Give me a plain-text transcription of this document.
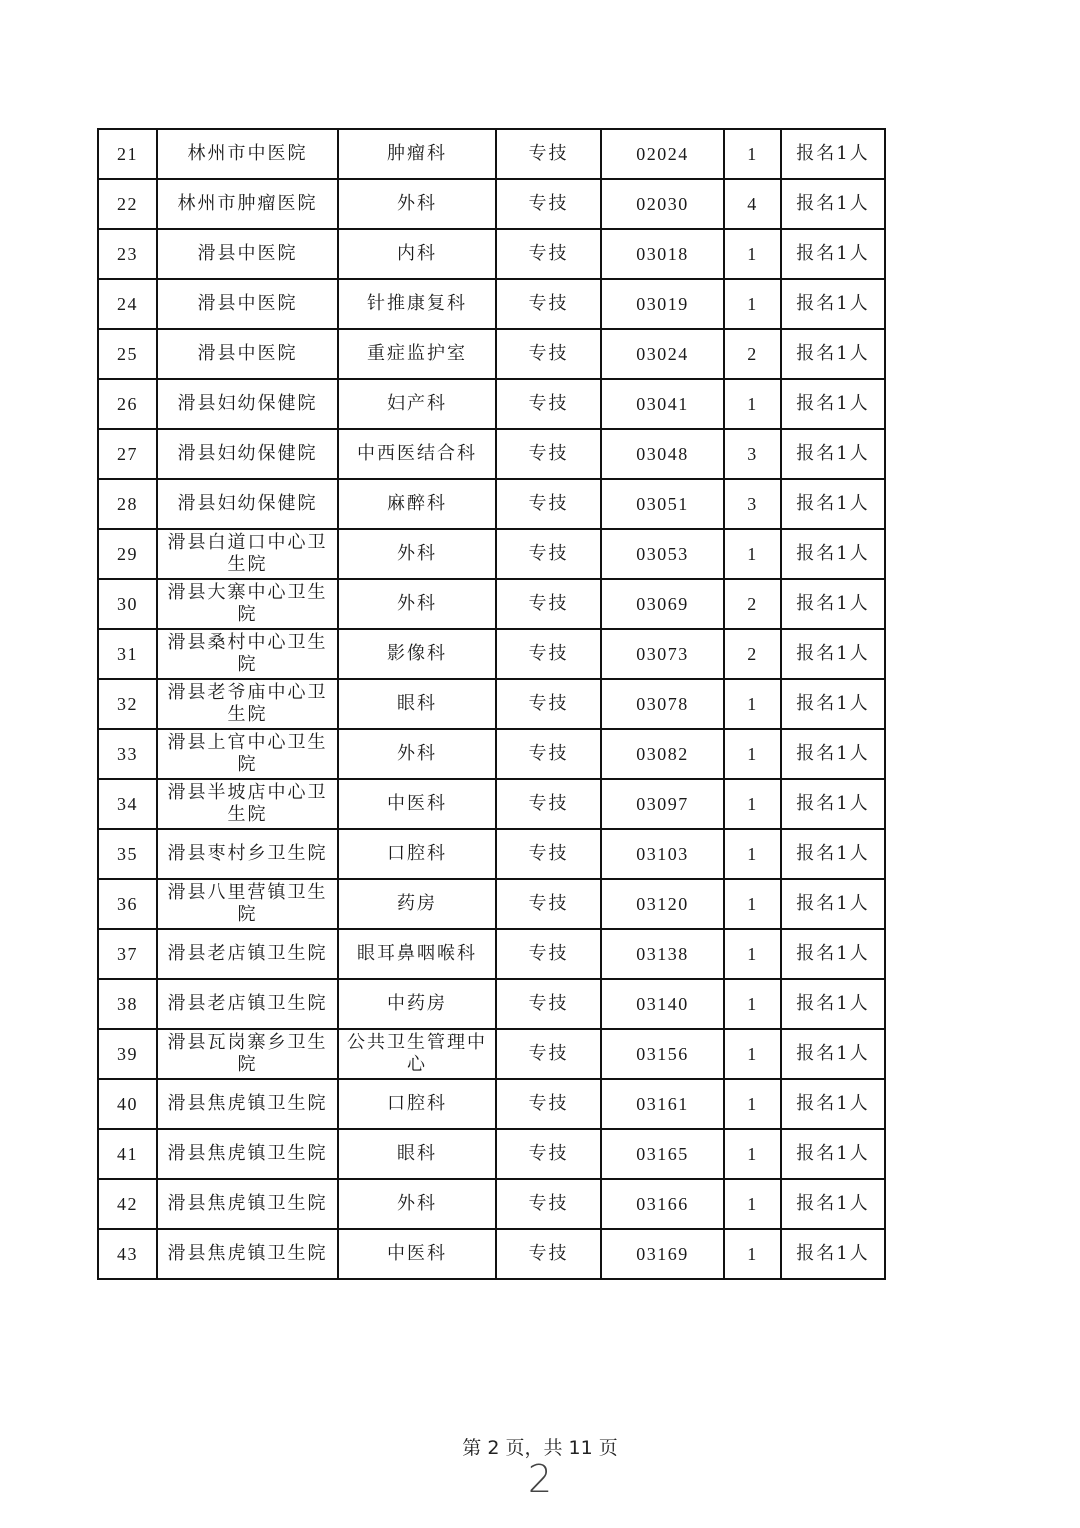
21	林州市中医院	肿瘤科	专技	02024	1	报名1人
22	林州市肿瘤医院	外科	专技	02030	4	报名1人
23	滑县中医院	内科	专技	03018	1	报名1人
24	滑县中医院	针推康复科	专技	03019	1	报名1人
25	滑县中医院	重症监护室	专技	03024	2	报名1人
26	滑县妇幼保健院	妇产科	专技	03041	1	报名1人
27	滑县妇幼保健院	中西医结合科	专技	03048	3	报名1人
28	滑县妇幼保健院	麻醉科	专技	03051	3	报名1人
29	滑县白道口中心卫生院	外科	专技	03053	1	报名1人
30	滑县大寨中心卫生院	外科	专技	03069	2	报名1人
31	滑县桑村中心卫生院	影像科	专技	03073	2	报名1人
32	滑县老爷庙中心卫生院	眼科	专技	03078	1	报名1人
33	滑县上官中心卫生院	外科	专技	03082	1	报名1人
34	滑县半坡店中心卫生院	中医科	专技	03097	1	报名1人
35	滑县枣村乡卫生院	口腔科	专技	03103	1	报名1人
36	滑县八里营镇卫生院	药房	专技	03120	1	报名1人
37	滑县老店镇卫生院	眼耳鼻咽喉科	专技	03138	1	报名1人
38	滑县老店镇卫生院	中药房	专技	03140	1	报名1人
39	滑县瓦岗寨乡卫生院	公共卫生管理中心	专技	03156	1	报名1人
40	滑县焦虎镇卫生院	口腔科	专技	03161	1	报名1人
41	滑县焦虎镇卫生院	眼科	专技	03165	1	报名1人
42	滑县焦虎镇卫生院	外科	专技	03166	1	报名1人
43	滑县焦虎镇卫生院	中医科	专技	03169	1	报名1人
第 2 页，共 11 页
2
